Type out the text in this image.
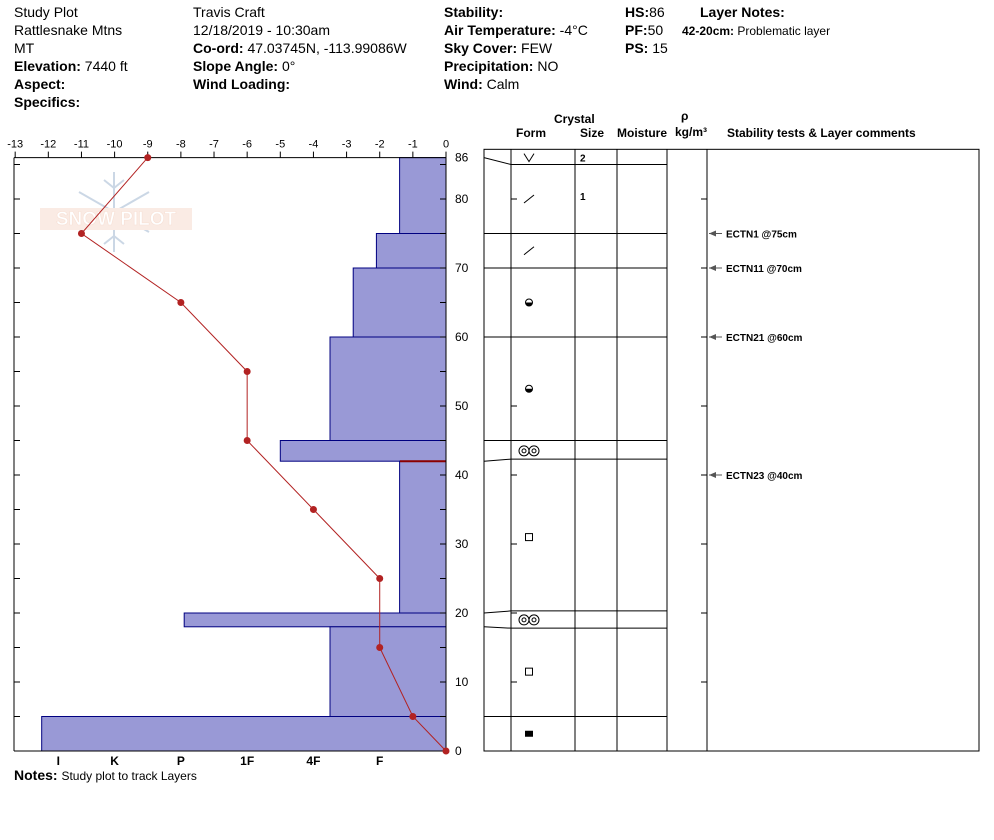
Study Plot
Rattlesnake Mtns
MT
Elevation: 7440 ft
Aspect:
Specifics:
Travis Craft
12/18/2019 - 10:30am
Co-ord: 47.03745N, -113.99086W
Slope Angle: 0°
Wind Loading:
Stability:
Air Temperature: -4°C
Sky Cover: FEW
Precipitation: NO
Wind: Calm
HS:86
PF:50
PS: 15
Layer Notes:
42-20cm: Problematic layer
Crystal
Form	Size Moisture
ρ
kg/m³ Stability tests & Layer comments
Notes: Study plot to track Layers
SNOW PILOT
-13 -12 -11 -10 -9 -8 -7 -6 -5 -4 -3 -2 -1 0
0
10
20
30
40
50
60
70
80
86
I	K	P	1F	4F	F
2
1
ECTN1 @75cm
ECTN11 @70cm
ECTN21 @60cm
ECTN23 @40cm
